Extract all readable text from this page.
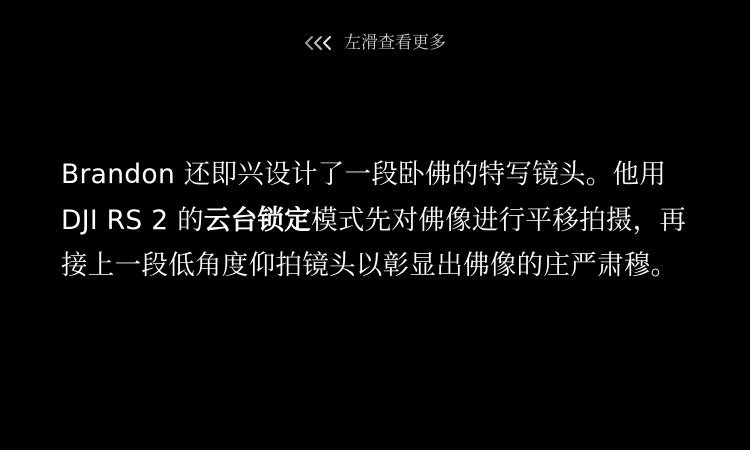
左滑查看更多
Brandon 还即兴设计了一段卧佛的特写镜头。他用 DJI RS 2 的云台锁定模式先对佛像进行平移拍摄，再接上一段低角度仰拍镜头以彰显出佛像的庄严肃穆。
